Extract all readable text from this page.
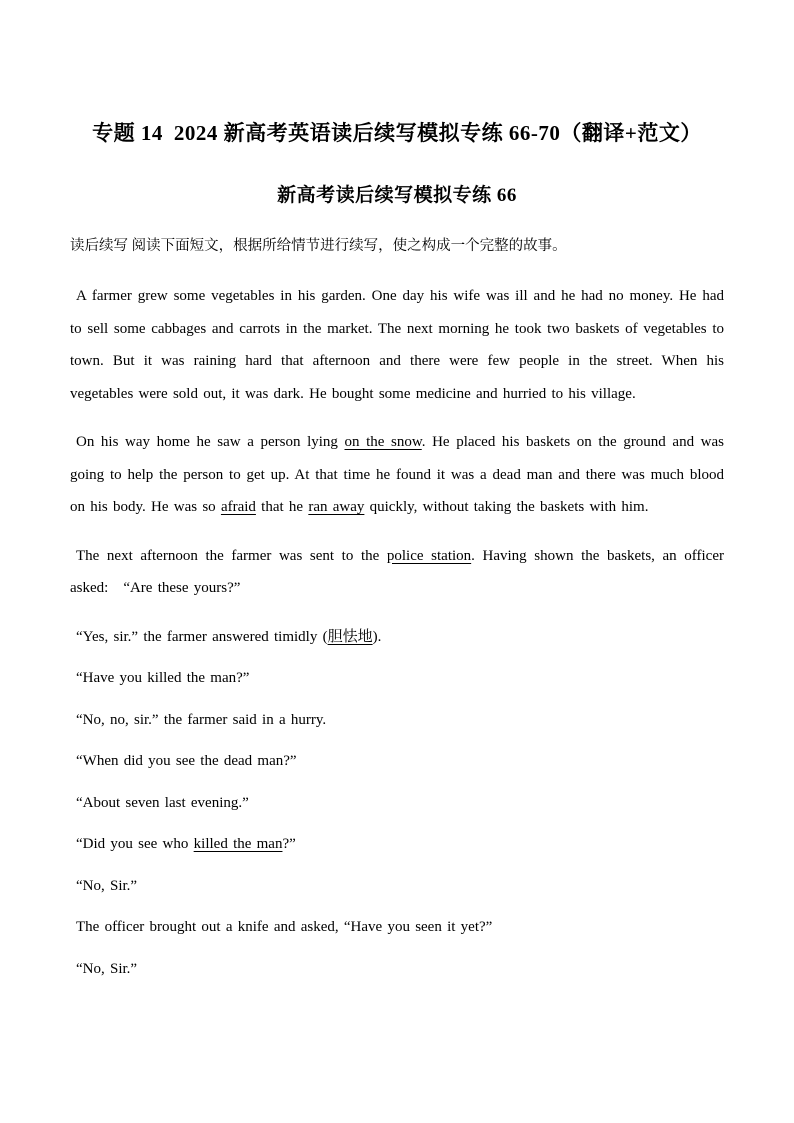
专题 14 2024 新高考英语读后续写模拟专练 66-70（翻译+范文）
新高考读后续写模拟专练 66

读后续写 阅读下面短文，根据所给情节进行续写，使之构成一个完整的故事。

A farmer grew some vegetables in his garden. One day his wife was ill and he had no money. He had to sell some cabbages and carrots in the market. The next morning he took two baskets of vegetables to town. But it was raining hard that afternoon and there were few people in the street. When his vegetables were sold out, it was dark. He bought some medicine and hurried to his village.

On his way home he saw a person lying on the snow. He placed his baskets on the ground and was going to help the person to get up. At that time he found it was a dead man and there was much blood on his body. He was so afraid that he ran away quickly, without taking the baskets with him.

The next afternoon the farmer was sent to the police station. Having shown the baskets, an officer asked: “Are these yours?”

“Yes, sir.” the farmer answered timidly (胆怯地).

“Have you killed the man?”

“No, no, sir.” the farmer said in a hurry.

“When did you see the dead man?”

“About seven last evening.”

“Did you see who killed the man?”

“No, Sir.”

The officer brought out a knife and asked, “Have you seen it yet?”

“No, Sir.”
